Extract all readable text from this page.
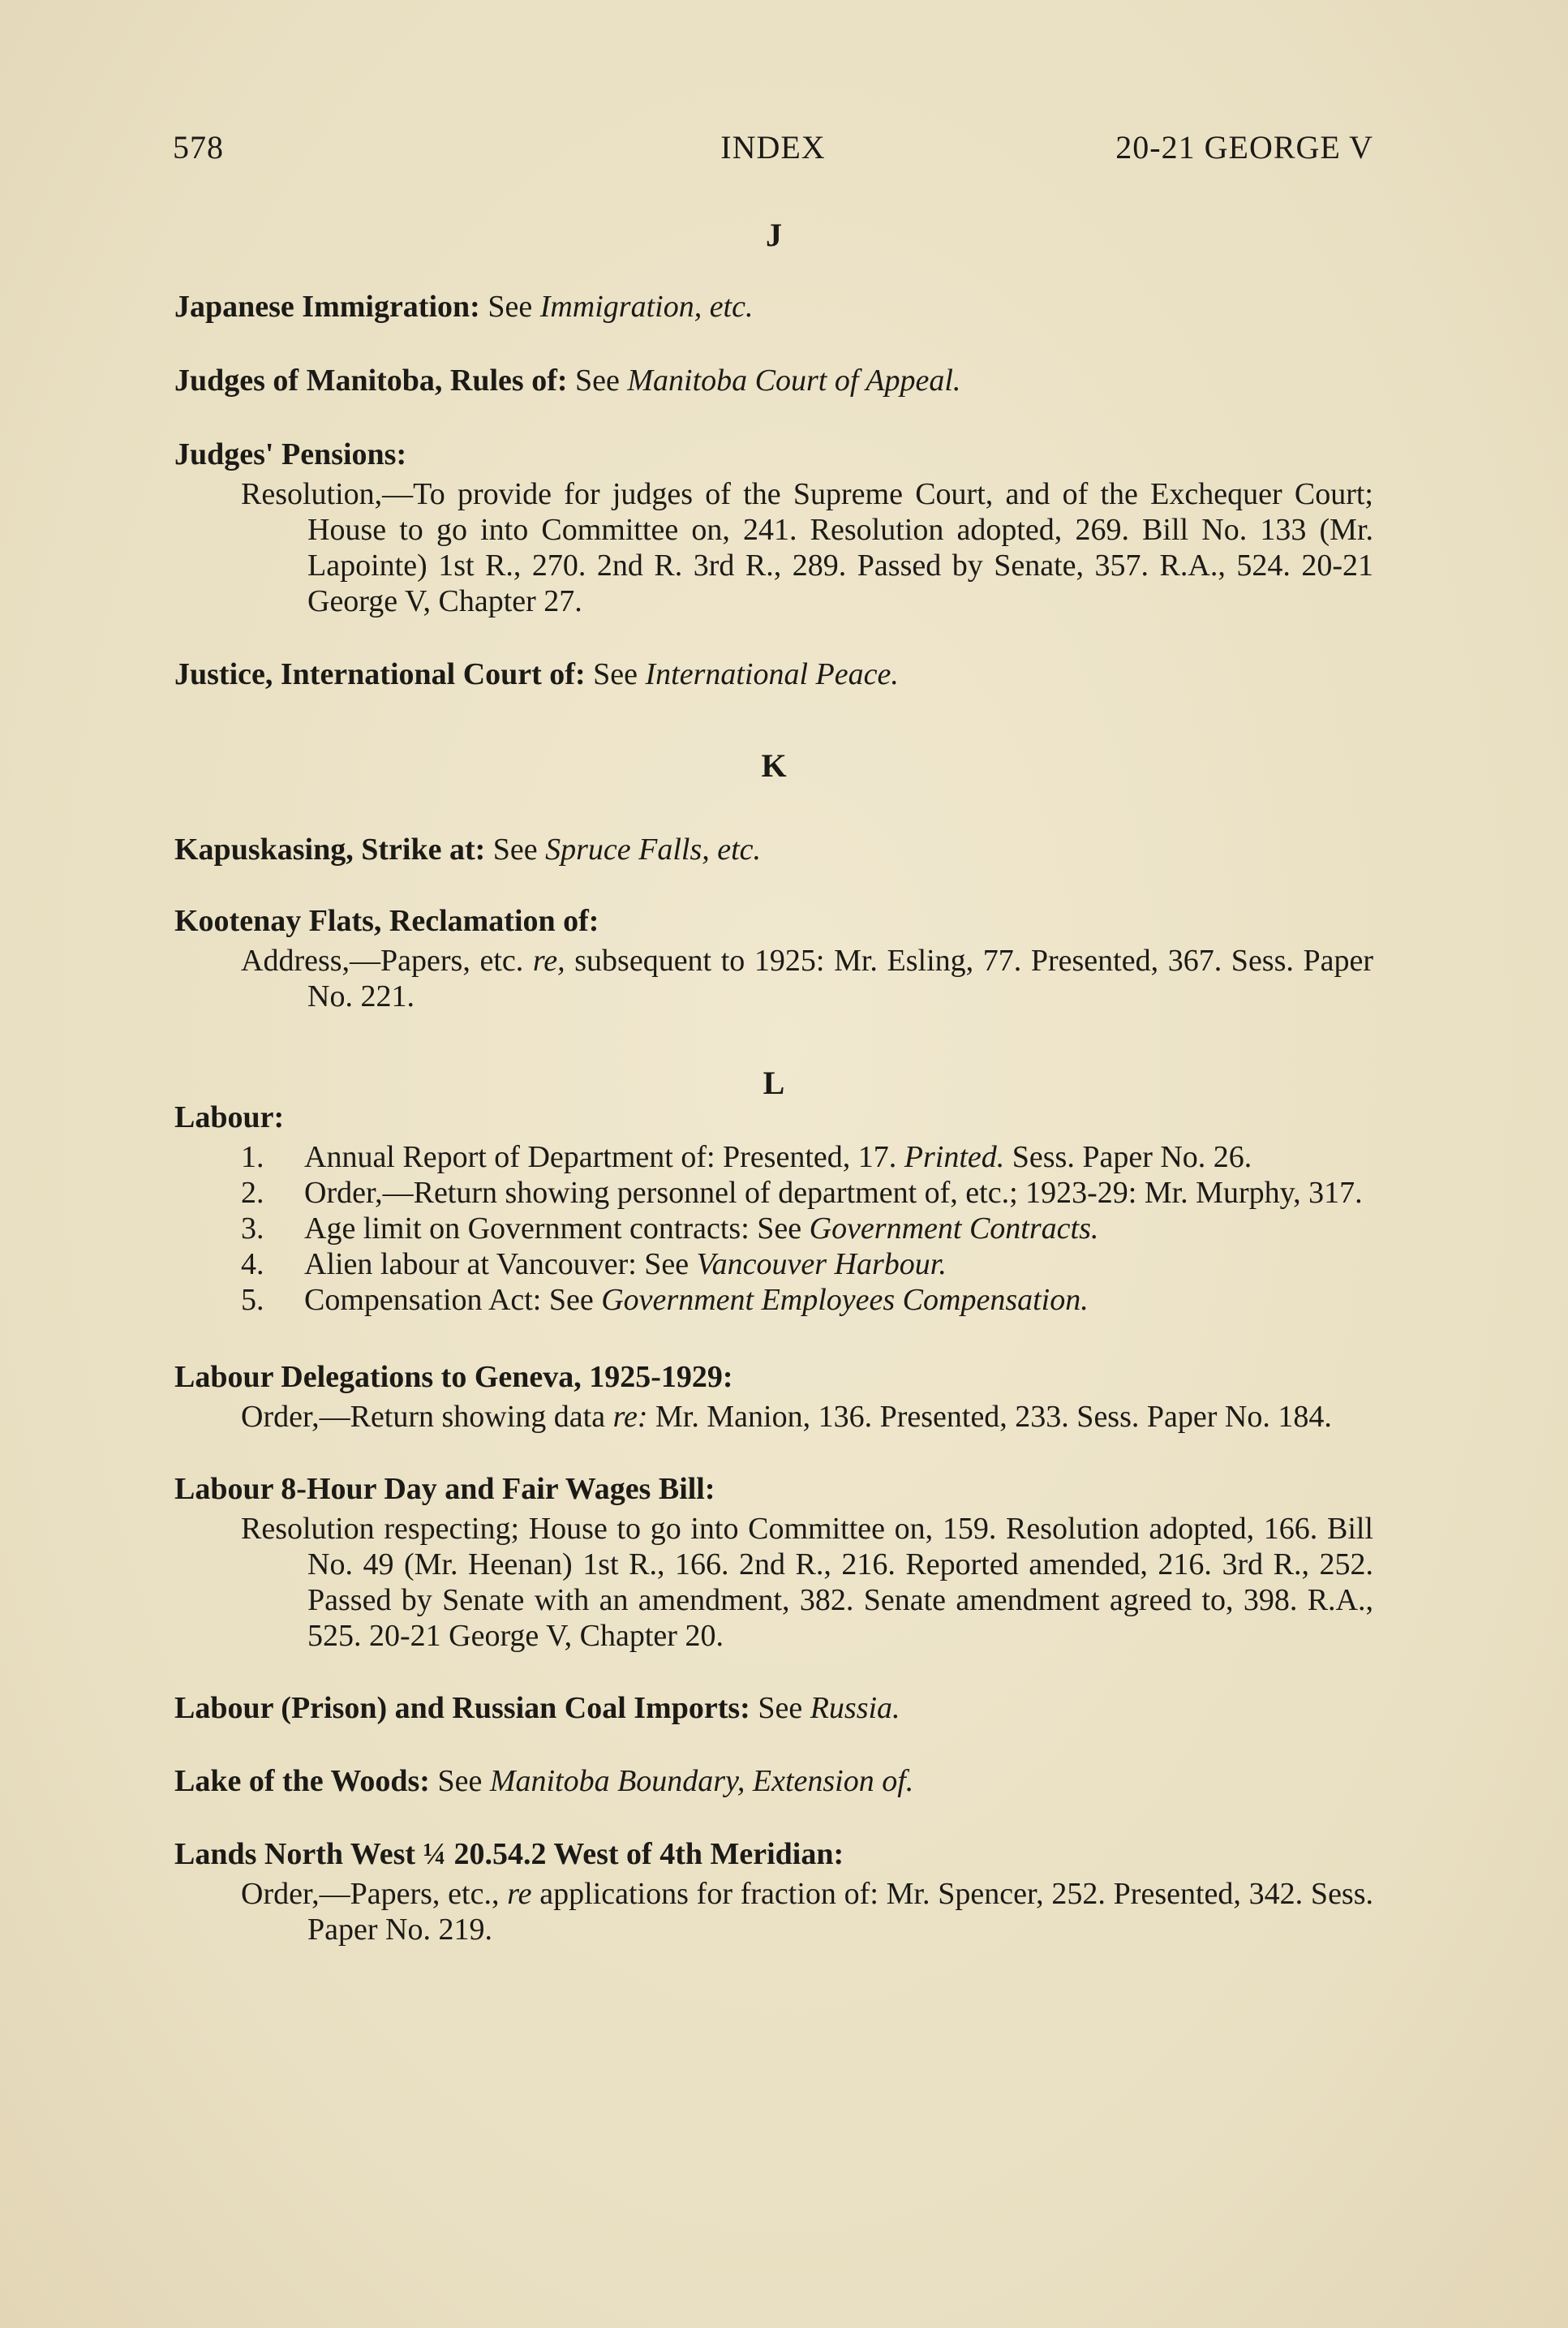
578	INDEX	20-21 GEORGE V

J

Japanese Immigration: See Immigration, etc.

Judges of Manitoba, Rules of: See Manitoba Court of Appeal.

Judges' Pensions:

Resolution,—To provide for judges of the Supreme Court, and of the Exchequer Court; House to go into Committee on, 241. Resolution adopted, 269. Bill No. 133 (Mr. Lapointe) 1st R., 270. 2nd R. 3rd R., 289. Passed by Senate, 357. R.A., 524. 20-21 George V, Chapter 27.

Justice, International Court of: See International Peace.

K

Kapuskasing, Strike at: See Spruce Falls, etc.

Kootenay Flats, Reclamation of:

Address,—Papers, etc. re, subsequent to 1925: Mr. Esling, 77. Presented, 367. Sess. Paper No. 221.

L

Labour:

1. Annual Report of Department of: Presented, 17. Printed. Sess. Paper No. 26.
2. Order,—Return showing personnel of department of, etc.; 1923-29: Mr. Murphy, 317.
3. Age limit on Government contracts: See Government Contracts.
4. Alien labour at Vancouver: See Vancouver Harbour.
5. Compensation Act: See Government Employees Compensation.

Labour Delegations to Geneva, 1925-1929:

Order,—Return showing data re: Mr. Manion, 136. Presented, 233. Sess. Paper No. 184.

Labour 8-Hour Day and Fair Wages Bill:

Resolution respecting; House to go into Committee on, 159. Resolution adopted, 166. Bill No. 49 (Mr. Heenan) 1st R., 166. 2nd R., 216. Reported amended, 216. 3rd R., 252. Passed by Senate with an amendment, 382. Senate amendment agreed to, 398. R.A., 525. 20-21 George V, Chapter 20.

Labour (Prison) and Russian Coal Imports: See Russia.

Lake of the Woods: See Manitoba Boundary, Extension of.

Lands North West ¼ 20.54.2 West of 4th Meridian:

Order,—Papers, etc., re applications for fraction of: Mr. Spencer, 252. Presented, 342. Sess. Paper No. 219.
